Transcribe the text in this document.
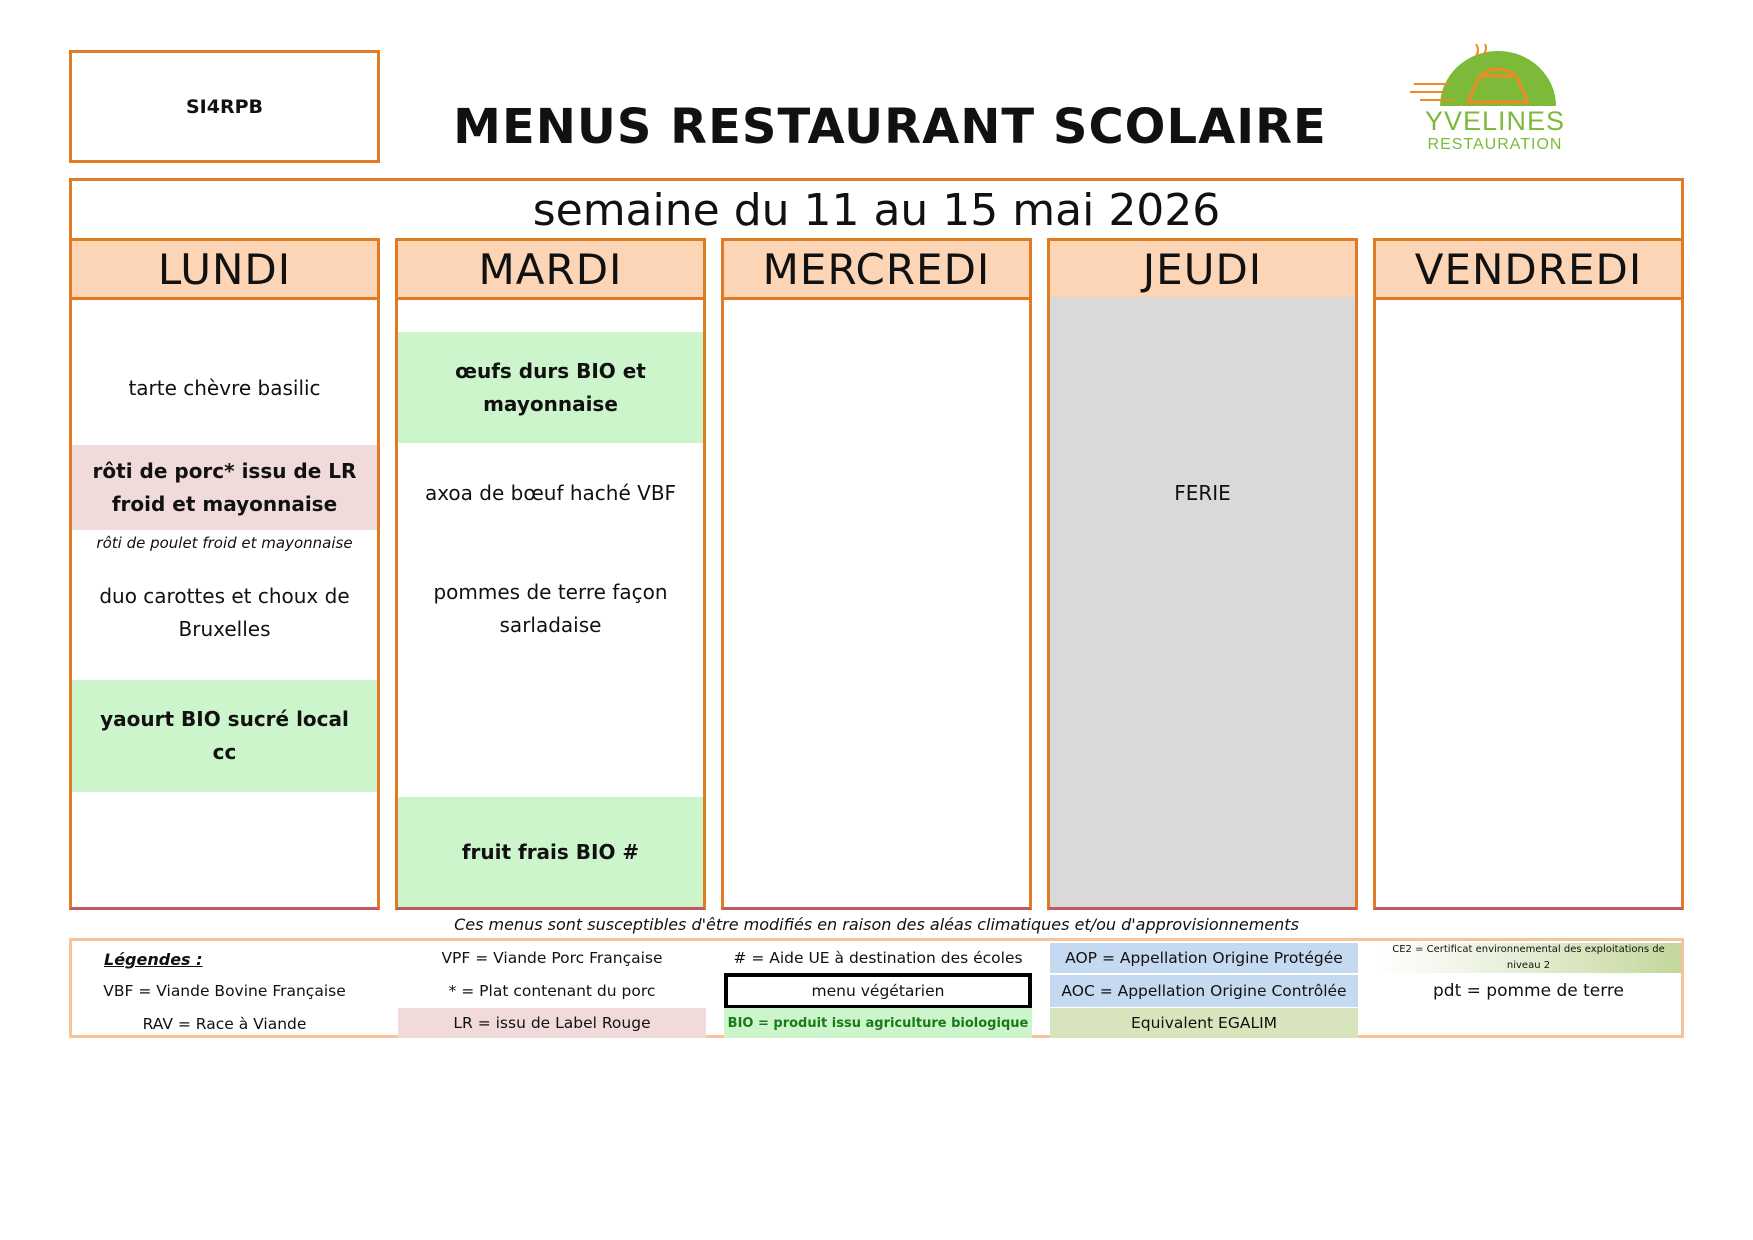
SI4RPB	MENUS RESTAURANT SCOLAIRE	YVELINES
RESTAURATION
semaine du 11 au 15 mai 2026
LUNDI
tarte chèvre basilic
rôti de porc* issu de LR froid et mayonnaise
rôti de poulet froid et mayonnaise
duo carottes et choux de Bruxelles
yaourt BIO sucré local cc
MARDI
œufs durs BIO et mayonnaise
axoa de bœuf haché VBF
pommes de terre façon sarladaise
fruit frais BIO #
MERCREDI	JEUDI
FERIE
VENDREDI
Ces menus sont susceptibles d'être modifiés en raison des aléas climatiques et/ou d'approvisionnements
Légendes :
VBF = Viande Bovine Française
RAV = Race à Viande
VPF = Viande Porc Française
* = Plat contenant du porc
LR = issu de Label Rouge
# = Aide UE à destination des écoles
menu végétarien
BIO = produit issu agriculture biologique
AOP = Appellation Origine Protégée
AOC = Appellation Origine Contrôlée
Equivalent EGALIM
CE2 = Certificat environnemental des exploitations de niveau 2
pdt = pomme de terre
